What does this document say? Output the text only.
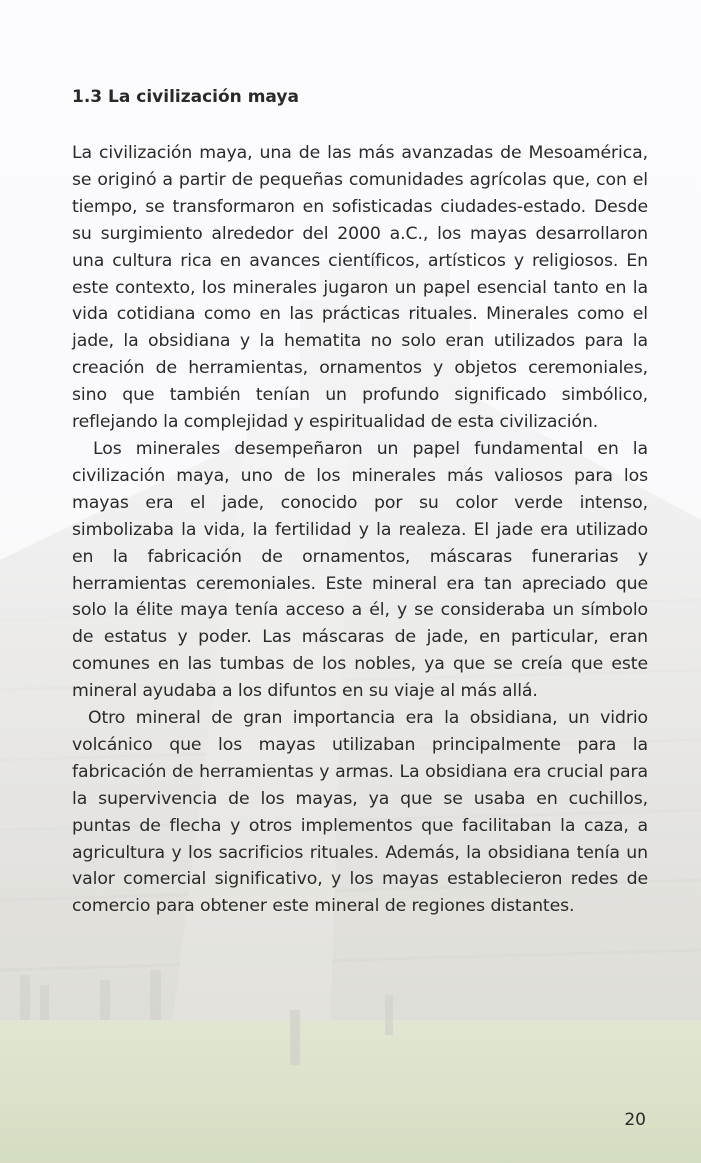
1.3 La civilización maya

La civilización maya, una de las más avanzadas de Mesoamérica, se originó a partir de pequeñas comunidades agrícolas que, con el tiempo, se transformaron en sofisticadas ciudades-estado. Desde su surgimiento alrededor del 2000 a.C., los mayas desarrollaron una cultura rica en avances científicos, artísticos y religiosos. En este contexto, los minerales jugaron un papel esencial tanto en la vida cotidiana como en las prácticas rituales. Minerales como el jade, la obsidiana y la hematita no solo eran utilizados para la creación de herramientas, ornamentos y objetos ceremoniales, sino que también tenían un profundo significado simbólico, reflejando la complejidad y espiritualidad de esta civilización.

Los minerales desempeñaron un papel fundamental en la civilización maya, uno de los minerales más valiosos para los mayas era el jade, conocido por su color verde intenso, simbolizaba la vida, la fertilidad y la realeza. El jade era utilizado en la fabricación de ornamentos, máscaras funerarias y herramientas ceremoniales. Este mineral era tan apreciado que solo la élite maya tenía acceso a él, y se consideraba un símbolo de estatus y poder. Las máscaras de jade, en particular, eran comunes en las tumbas de los nobles, ya que se creía que este mineral ayudaba a los difuntos en su viaje al más allá.

Otro mineral de gran importancia era la obsidiana, un vidrio volcánico que los mayas utilizaban principalmente para la fabricación de herramientas y armas. La obsidiana era crucial para la supervivencia de los mayas, ya que se usaba en cuchillos, puntas de flecha y otros implementos que facilitaban la caza, a agricultura y los sacrificios rituales. Además, la obsidiana tenía un valor comercial significativo, y los mayas establecieron redes de comercio para obtener este mineral de regiones distantes.

20
